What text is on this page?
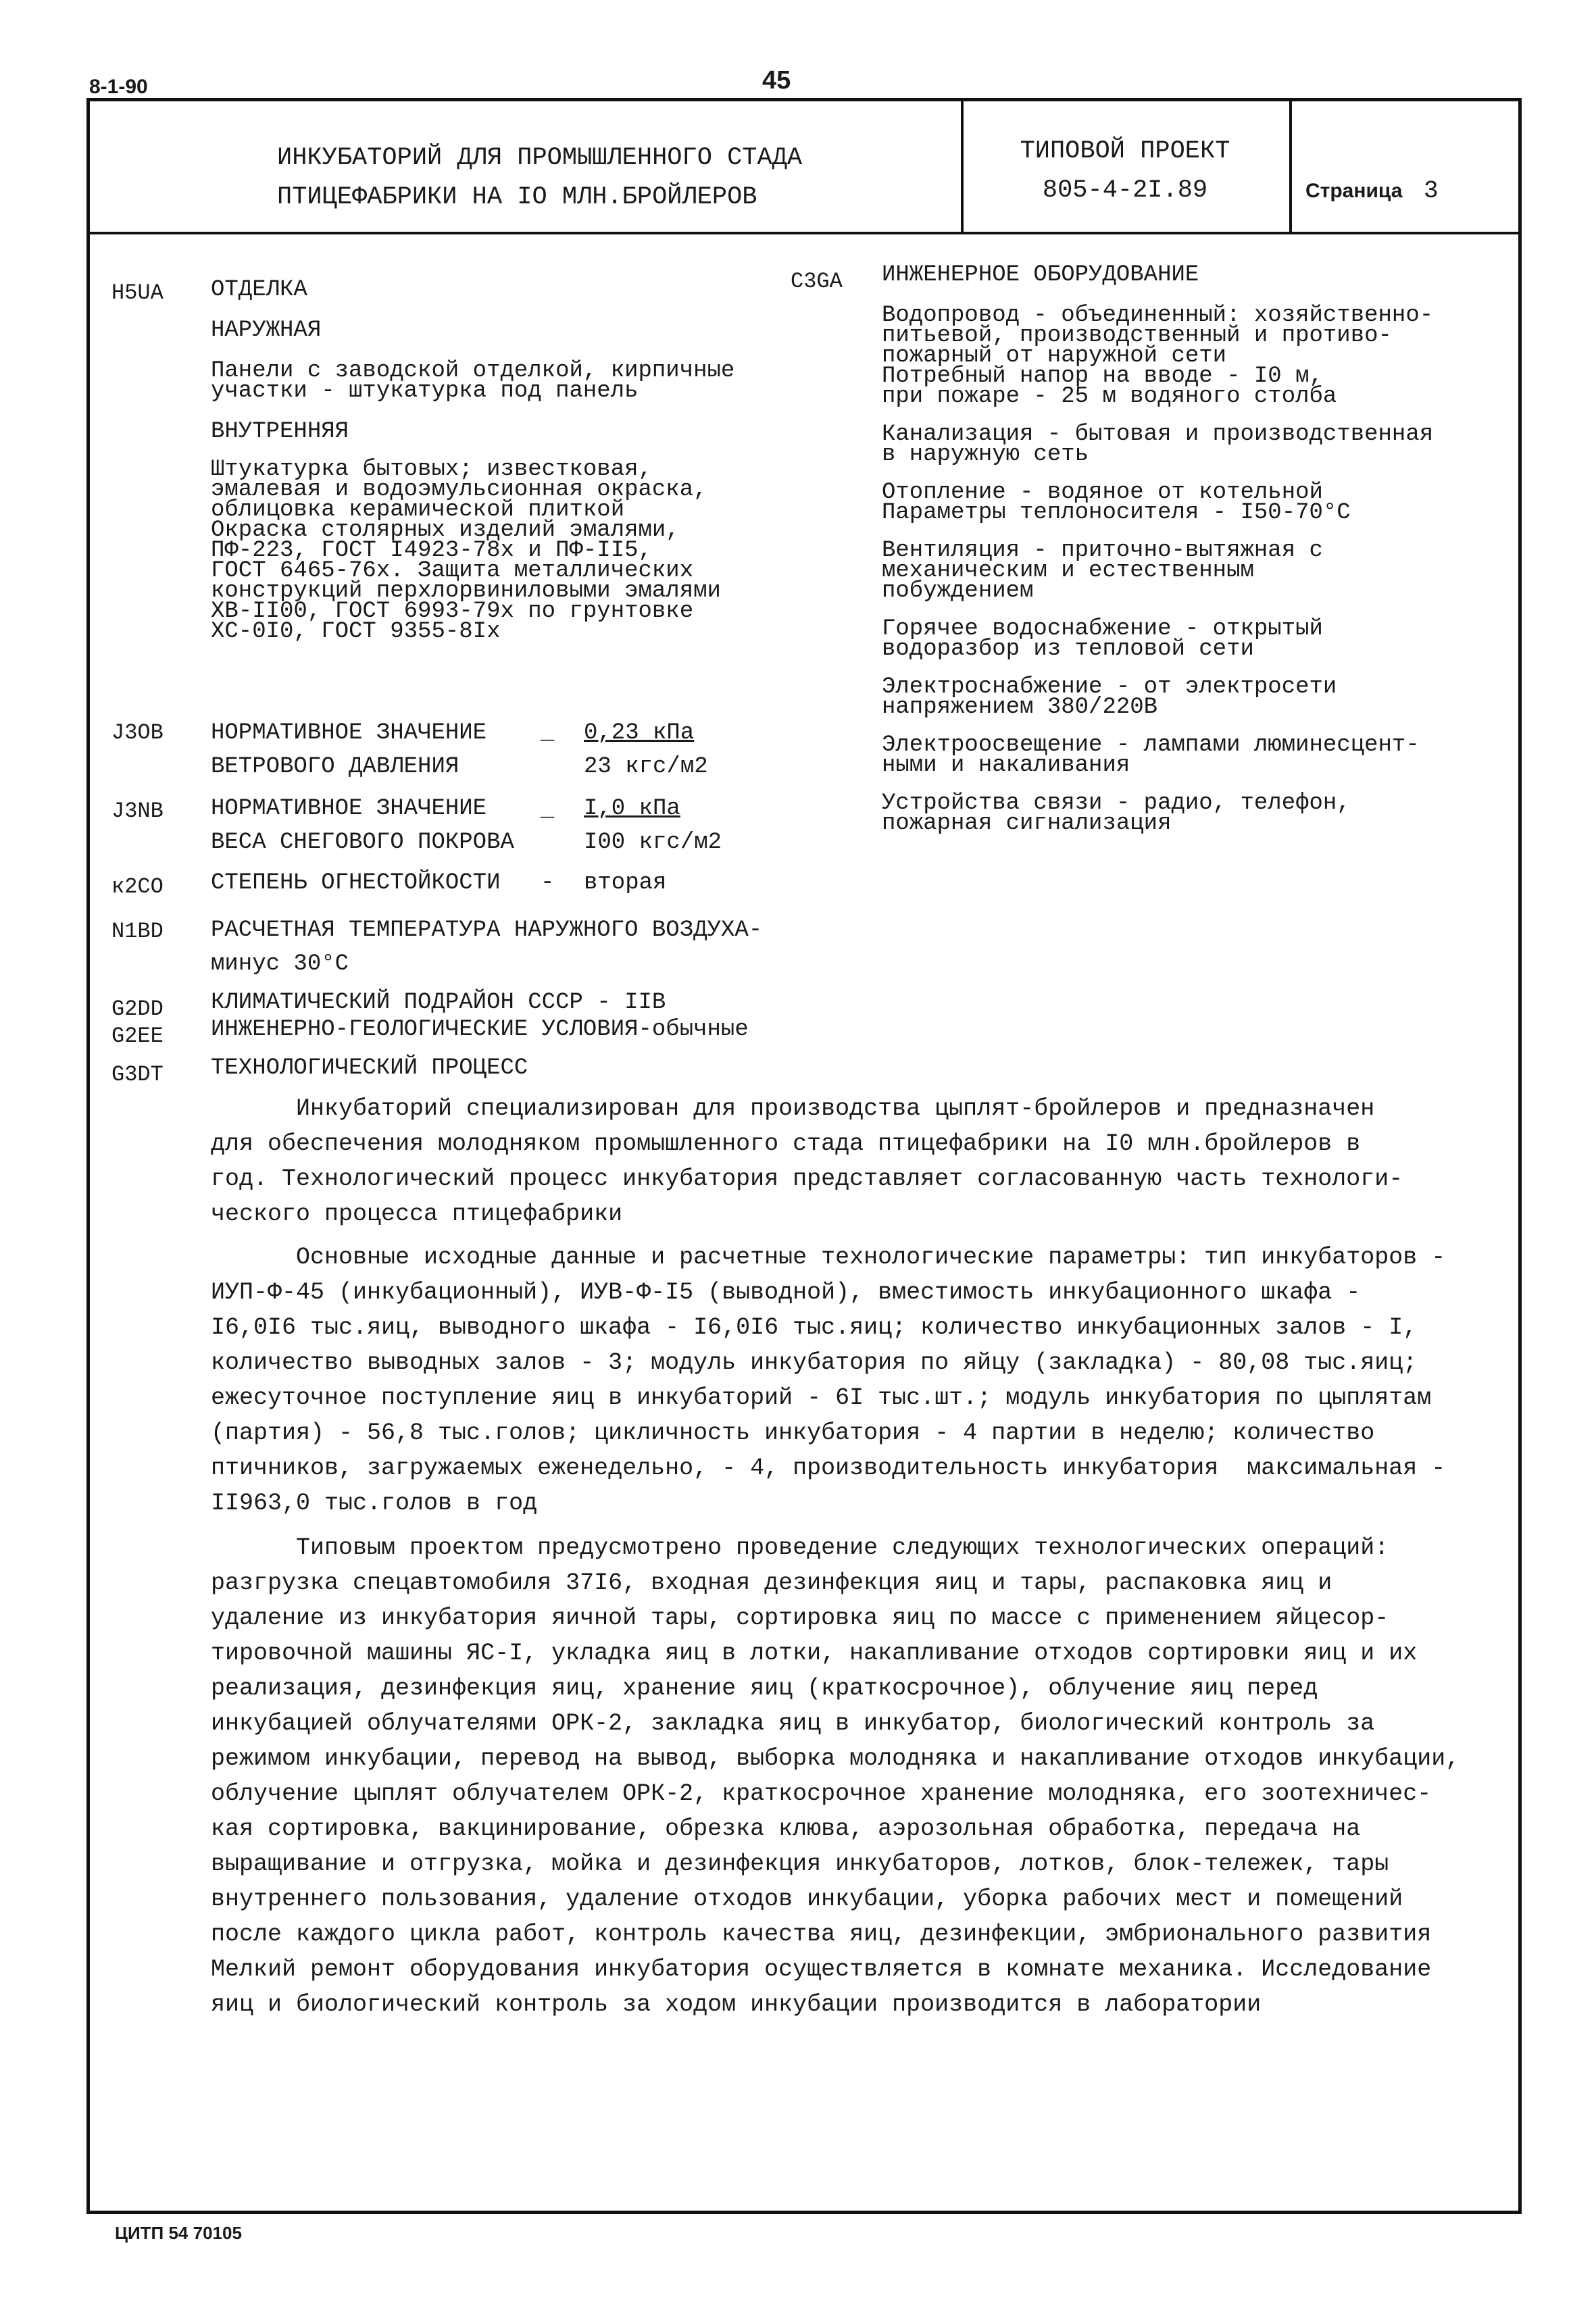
8-1-90	45
ИНКУБАТОРИЙ ДЛЯ ПРОМЫШЛЕННОГО СТАДА
ПТИЦЕФАБРИКИ НА IO МЛН.БРОЙЛЕРОВ
ТИПОВОЙ ПРОЕКТ
805-4-2I.89	Страница 3
H5UA ОТДЕЛКА
НАРУЖНАЯ
Панели с заводской отделкой, кирпичные
участки - штукатурка под панель
ВНУТРЕННЯЯ
Штукатурка бытовых; известковая,
эмалевая и водоэмульсионная окраска,
облицовка керамической плиткой
Окраска столярных изделий эмалями,
ПФ-223, ГОСТ I4923-78х и ПФ-II5,
ГОСТ 6465-76х. Защита металлических
конструкций перхлорвиниловыми эмалями
ХВ-II00, ГОСТ 6993-79х по грунтовке
ХС-0I0, ГОСТ 9355-8Iх
J3OB НОРМАТИВНОЕ ЗНАЧЕНИЕ
ВЕТРОВОГО ДАВЛЕНИЯ
_ 0,23 кПа
23 кгс/м2
J3NB НОРМАТИВНОЕ ЗНАЧЕНИЕ
ВЕСА СНЕГОВОГО ПОКРОВА
_ I,0 кПа
I00 кгс/м2
к2CO СТЕПЕНЬ ОГНЕСТОЙКОСТИ - вторая
N1BD РАСЧЕТНАЯ ТЕМПЕРАТУРА НАРУЖНОГО ВОЗДУХА-
минус 30°С
G2DD КЛИМАТИЧЕСКИЙ ПОДРАЙОН СССР - IIВ
G2EE ИНЖЕНЕРНО-ГЕОЛОГИЧЕСКИЕ УСЛОВИЯ-обычные
G3DT ТЕХНОЛОГИЧЕСКИЙ ПРОЦЕСС
C3GA ИНЖЕНЕРНОЕ ОБОРУДОВАНИЕ
Водопровод - объединенный: хозяйственно-
питьевой, производственный и противо-
пожарный от наружной сети
Потребный напор на вводе - I0 м,
при пожаре - 25 м водяного столба
Канализация - бытовая и производственная
в наружную сеть
Отопление - водяное от котельной
Параметры теплоносителя - I50-70°С
Вентиляция - приточно-вытяжная с
механическим и естественным
побуждением
Горячее водоснабжение - открытый
водоразбор из тепловой сети
Электроснабжение - от электросети
напряжением 380/220В
Электроосвещение - лампами люминесцент-
ными и накаливания
Устройства связи - радио, телефон,
пожарная сигнализация
Инкубаторий специализирован для производства цыплят-бройлеров и предназначен
для обеспечения молодняком промышленного стада птицефабрики на I0 млн.бройлеров в
год. Технологический процесс инкубатория представляет согласованную часть технологи-
ческого процесса птицефабрики
Основные исходные данные и расчетные технологические параметры: тип инкубаторов -
ИУП-Ф-45 (инкубационный), ИУВ-Ф-I5 (выводной), вместимость инкубационного шкафа -
I6,0I6 тыс.яиц, выводного шкафа - I6,0I6 тыс.яиц; количество инкубационных залов - I,
количество выводных залов - 3; модуль инкубатория по яйцу (закладка) - 80,08 тыс.яиц;
ежесуточное поступление яиц в инкубаторий - 6I тыс.шт.; модуль инкубатория по цыплятам
(партия) - 56,8 тыс.голов; цикличность инкубатория - 4 партии в неделю; количество
птичников, загружаемых еженедельно, - 4, производительность инкубатория  максимальная -
II963,0 тыс.голов в год
Типовым проектом предусмотрено проведение следующих технологических операций:
разгрузка спецавтомобиля 37I6, входная дезинфекция яиц и тары, распаковка яиц и
удаление из инкубатория яичной тары, сортировка яиц по массе с применением яйцесор-
тировочной машины ЯС-I, укладка яиц в лотки, накапливание отходов сортировки яиц и их
реализация, дезинфекция яиц, хранение яиц (краткосрочное), облучение яиц перед
инкубацией облучателями ОРК-2, закладка яиц в инкубатор, биологический контроль за
режимом инкубации, перевод на вывод, выборка молодняка и накапливание отходов инкубации,
облучение цыплят облучателем ОРК-2, краткосрочное хранение молодняка, его зоотехничес-
кая сортировка, вакцинирование, обрезка клюва, аэрозольная обработка, передача на
выращивание и отгрузка, мойка и дезинфекция инкубаторов, лотков, блок-тележек, тары
внутреннего пользования, удаление отходов инкубации, уборка рабочих мест и помещений
после каждого цикла работ, контроль качества яиц, дезинфекции, эмбрионального развития
Мелкий ремонт оборудования инкубатория осуществляется в комнате механика. Исследование
яиц и биологический контроль за ходом инкубации производится в лаборатории
ЦИТП 54 70105
